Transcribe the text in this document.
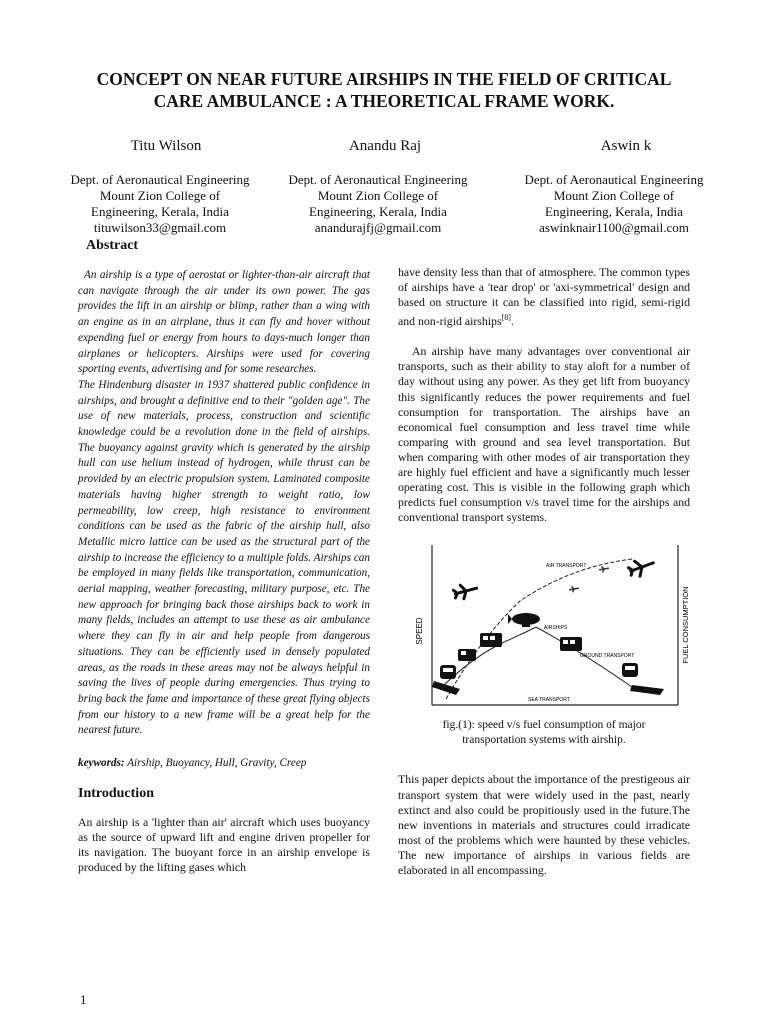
CONCEPT ON NEAR FUTURE AIRSHIPS IN THE FIELD OF CRITICAL
CARE AMBULANCE : A THEORETICAL FRAME WORK.
Titu Wilson	Anandu Raj	Aswin k
Dept. of Aeronautical Engineering
Mount Zion College of
Engineering, Kerala, India
tituwilson33@gmail.com
Dept. of Aeronautical Engineering
Mount Zion College of
Engineering, Kerala, India
anandurajfj@gmail.com
Dept. of Aeronautical Engineering
Mount Zion College of
Engineering, Kerala, India
aswinknair1100@gmail.com
Abstract

An airship is a type of aerostat or lighter-than-air aircraft that can navigate through the air under its own power. The gas provides the lift in an airship or blimp, rather than a wing with an engine as in an airplane, thus it can fly and hover without expending fuel or energy from hours to days-much longer than airplanes or helicopters. Airships were used for covering sporting events, advertising and for some researches.

The Hindenburg disaster in 1937 shattered public confidence in airships, and brought a definitive end to their "golden age". The use of new materials, process, construction and scientific knowledge could be a revolution done in the field of airships. The buoyancy against gravity which is generated by the airship hull can use helium instead of hydrogen, while thrust can be provided by an electric propulsion system. Laminated composite materials having higher strength to weight ratio, low permeability, low creep, high resistance to environment conditions can be used as the fabric of the airship hull, also Metallic micro lattice can be used as the structural part of the airship to increase the efficiency to a multiple folds. Airships can be employed in many fields like transportation, communication, aerial mapping, weather forecasting, military purpose, etc. The new approach for bringing back those airships back to work in many fields, includes an attempt to use these as air ambulance where they can fly in air and help people from dangerous situations. They can be efficiently used in densely populated areas, as the roads in these areas may not be always helpful in saving the lives of people during emergencies. Thus trying to bring back the fame and importance of these great flying objects from our history to a new frame will be a great help for the nearest future.

keywords: Airship, Buoyancy, Hull, Gravity, Creep

Introduction

An airship is a 'lighter than air' aircraft which uses buoyancy as the source of upward lift and engine driven propeller for its navigation. The buoyant force in an airship envelope is produced by the lifting gases which

have density less than that of atmosphere. The common types of airships have a 'tear drop' or 'axi-symmetrical' design and based on structure it can be classified into rigid, semi-rigid and non-rigid airships[8].

An airship have many advantages over conventional air transports, such as their ability to stay aloft for a number of day without using any power. As they get lift from buoyancy this significantly reduces the power requirements and fuel consumption for transportation. The airships have an economical fuel consumption and less travel time while comparing with ground and sea level transportation. But when comparing with other modes of air transportation they are highly fuel efficient and have a significantly much lesser operating cost. This is visible in the following graph which predicts fuel consumption v/s travel time for the airships and conventional transport systems.

SPEED	FUEL CONSUMPTION
AIR TRANSPORT
AIRSHIPS
GROUND TRANSPORT
SEA TRANSPORT
fig.(1): speed v/s fuel consumption of major
transportation systems with airship.

This paper depicts about the importance of the prestigeous air transport system that were widely used in the past, nearly extinct and also could be propitiously used in the future.The new inventions in materials and structures could irradicate most of the problems which were haunted by these vehicles. The new importance of airships in various fields are elaborated in all encompassing.

1
